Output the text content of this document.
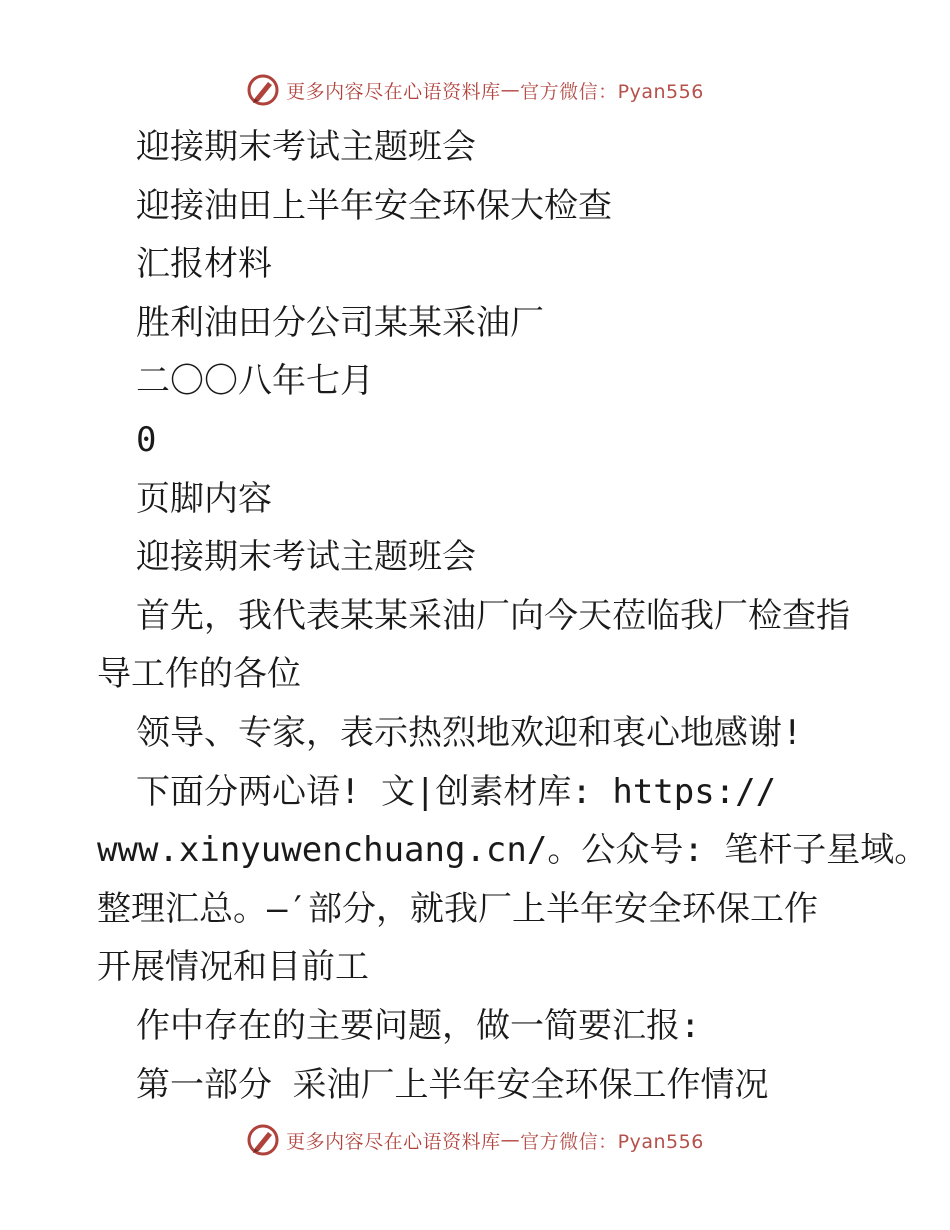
更多内容尽在心语资料库 — 官方微信：Pyan556
迎接期末考试主题班会
迎接油田上半年安全环保大检查
汇报材料
胜利油田分公司某某采油厂
二〇〇八年七月
0
页脚内容
迎接期末考试主题班会
首先，我代表某某采油厂向今天莅临我厂检查指
导工作的各位
领导、专家，表示热烈地欢迎和衷心地感谢!
下面分两心语! 文|创素材库: https://
www.xinyuwenchuang.cn/。公众号: 笔杆子星域。
整理汇总。—′部分，就我厂上半年安全环保工作
开展情况和目前工
作中存在的主要问题，做一简要汇报:
第一部分 采油厂上半年安全环保工作情况
更多内容尽在心语资料库 — 官方微信：Pyan556
